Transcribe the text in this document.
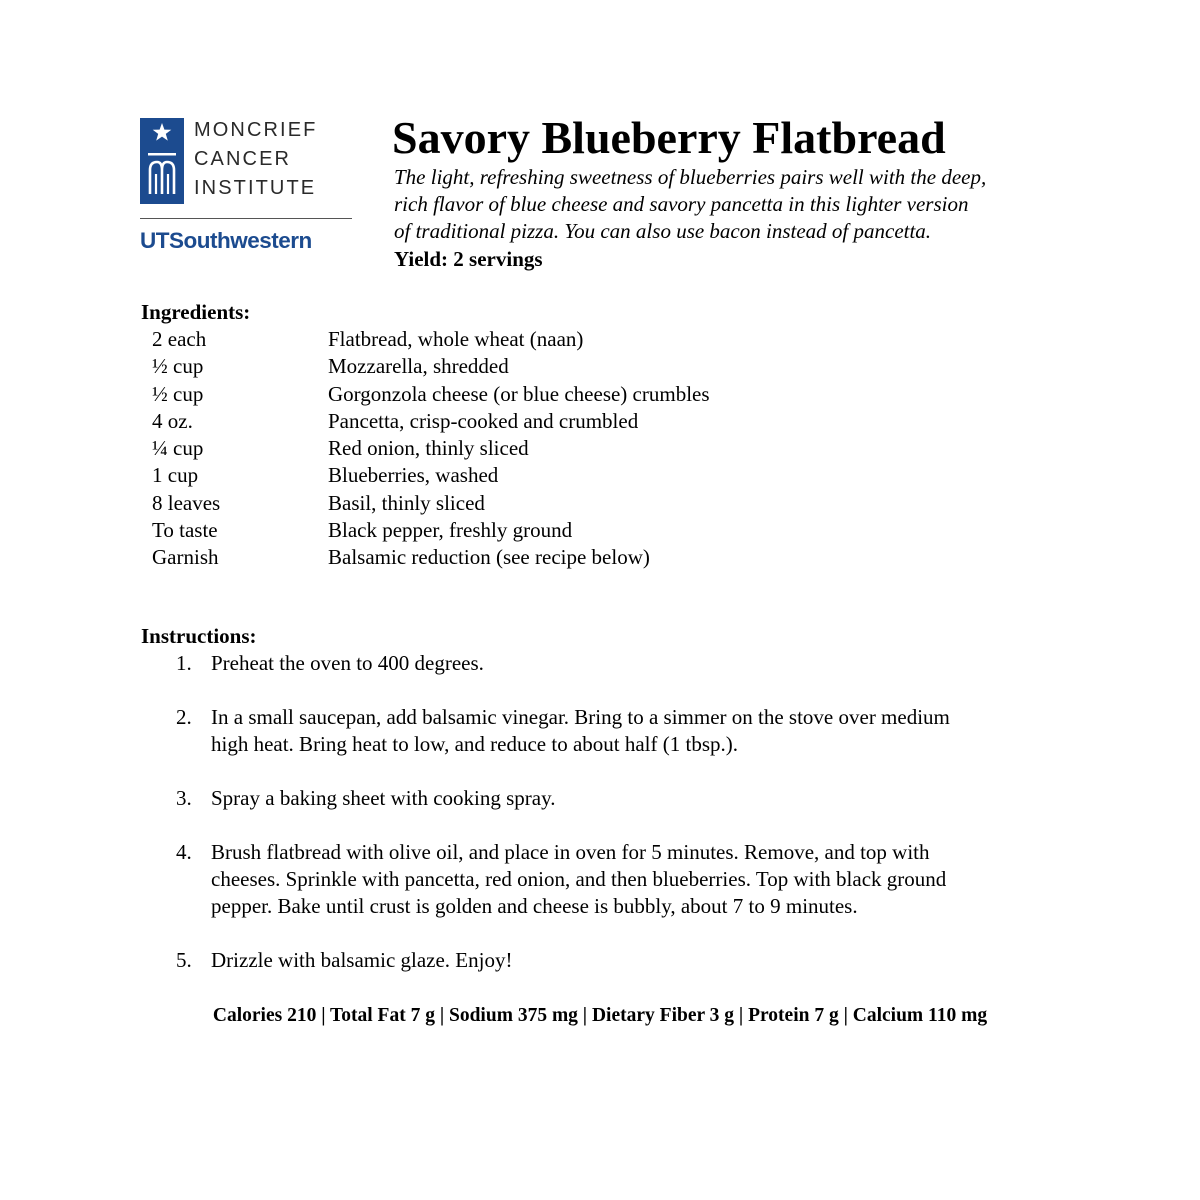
MONCRIEF
CANCER
INSTITUTE
UTSouthwestern
Savory Blueberry Flatbread
The light, refreshing sweetness of blueberries pairs well with the deep,
rich flavor of blue cheese and savory pancetta in this lighter version
of traditional pizza. You can also use bacon instead of pancetta.
Yield: 2 servings
Ingredients:
2 each	Flatbread, whole wheat (naan)
½ cup	Mozzarella, shredded
½ cup	Gorgonzola cheese (or blue cheese) crumbles
4 oz.	Pancetta, crisp-cooked and crumbled
¼ cup	Red onion, thinly sliced
1 cup	Blueberries, washed
8 leaves	Basil, thinly sliced
To taste	Black pepper, freshly ground
Garnish	Balsamic reduction (see recipe below)
Instructions:
1. Preheat the oven to 400 degrees.
2. In a small saucepan, add balsamic vinegar. Bring to a simmer on the stove over medium
high heat. Bring heat to low, and reduce to about half (1 tbsp.).
3. Spray a baking sheet with cooking spray.
4. Brush flatbread with olive oil, and place in oven for 5 minutes. Remove, and top with
cheeses. Sprinkle with pancetta, red onion, and then blueberries. Top with black ground
pepper. Bake until crust is golden and cheese is bubbly, about 7 to 9 minutes.
5. Drizzle with balsamic glaze. Enjoy!
Calories 210 | Total Fat 7 g | Sodium 375 mg | Dietary Fiber 3 g | Protein 7 g | Calcium 110 mg
